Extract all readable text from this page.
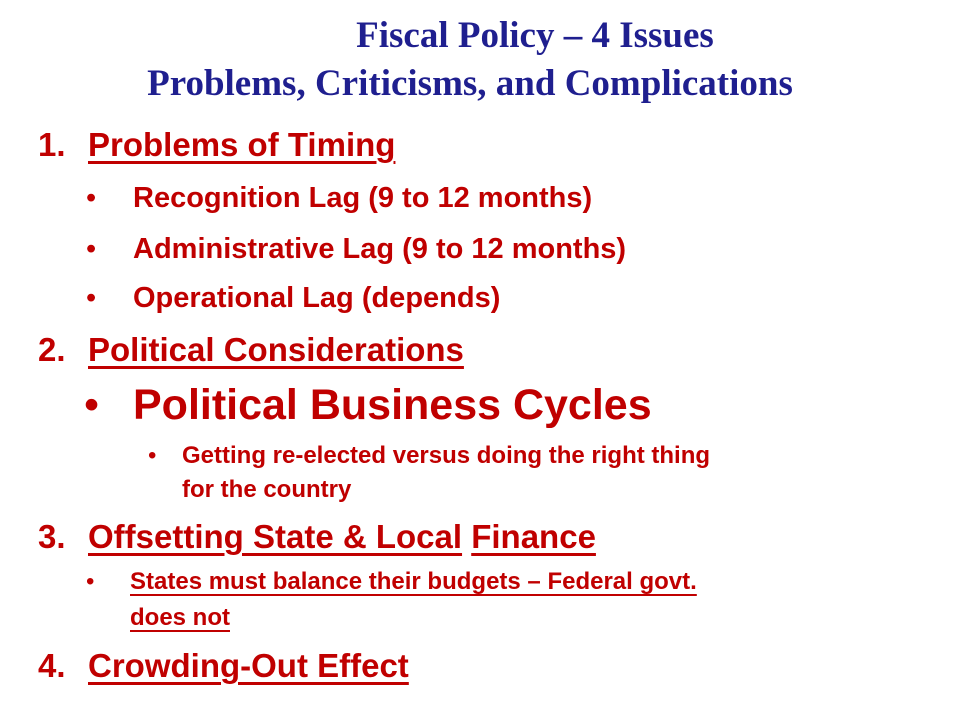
Fiscal Policy – 4 Issues
Problems, Criticisms, and Complications
1. Problems of Timing
• Recognition Lag (9 to 12 months)
• Administrative Lag (9 to 12 months)
• Operational Lag (depends)
2. Political Considerations
• Political Business Cycles
• Getting re-elected versus doing the right thing
for the country
3. Offsetting State & Local Finance
• States must balance their budgets – Federal govt.
does not
4. Crowding-Out Effect
